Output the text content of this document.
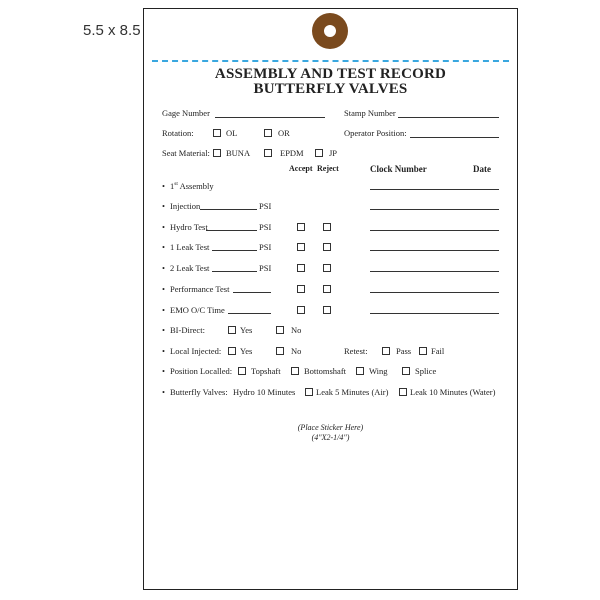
5.5 x 8.5
ASSEMBLY AND TEST RECORD
BUTTERFLY VALVES
Gage Number	Stamp Number
Rotation:	OL	OR	Operator Position:
Seat Material: BUNA	EPDM	JP
Accept Reject	Clock Number	Date
• 1st Assembly
• Injection	PSI
• Hydro Test	PSI
• 1 Leak Test	PSI
• 2 Leak Test	PSI
• Performance Test
• EMO O/C Time
• BI-Direct:	Yes	No
• Local Injected: Yes	No	Retest:	Pass Fail
• Position Localled: Topshaft	Bottomshaft	Wing	Splice
• Butterfly Valves: Hydro 10 Minutes Leak 5 Minutes (Air)	Leak 10 Minutes (Water)
(Place Sticker Here)
(4"X2-1/4")
